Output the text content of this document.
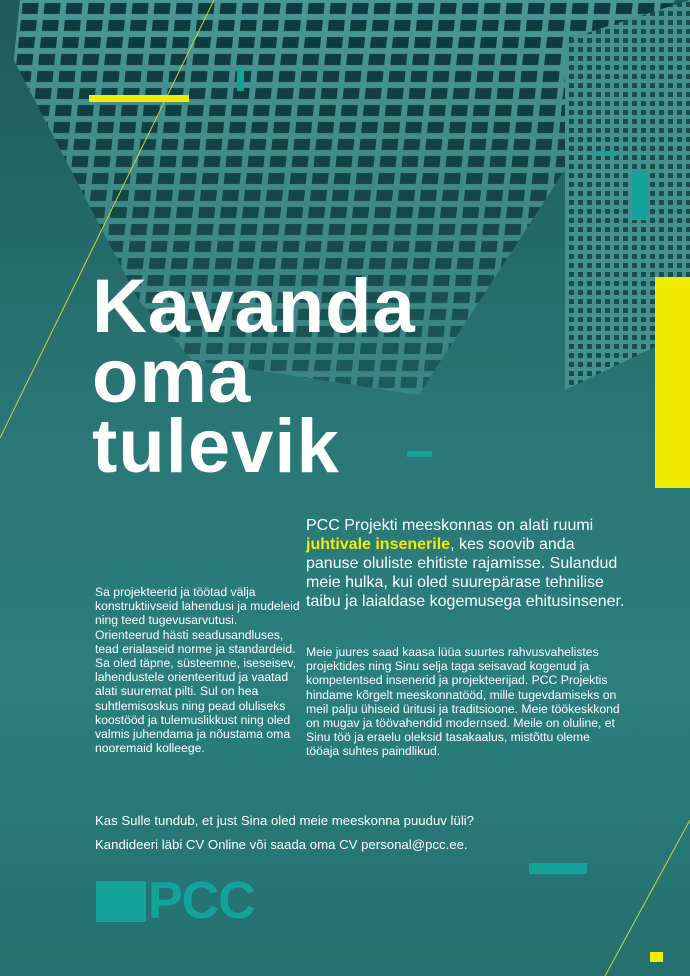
Kavanda
oma
tulevik

PCC Projekti meeskonnas on alati ruumi juhtivale insenerile, kes soovib anda panuse oluliste ehitiste rajamisse. Sulandud meie hulka, kui oled suurepärase tehnilise taibu ja laialdase kogemusega ehitusinsener.

Sa projekteerid ja töötad välja konstruktiivseid lahendusi ja mudeleid ning teed tugevusarvutusi. Orienteerud hästi seadusandluses, tead erialaseid norme ja standardeid. Sa oled täpne, süsteemne, iseseisev, lahendustele orienteeritud ja vaatad alati suuremat pilti. Sul on hea suhtlemisoskus ning pead oluliseks koostööd ja tulemuslikkust ning oled valmis juhendama ja nõustama oma nooremaid kolleege.

Meie juures saad kaasa lüüa suurtes rahvusvahelistes projektides ning Sinu selja taga seisavad kogenud ja kompetentsed insenerid ja projekteerijad. PCC Projektis hindame kõrgelt meeskonnatööd, mille tugevdamiseks on meil palju ühiseid üritusi ja traditsioone. Meie töökeskkond on mugav ja töövahendid modernsed. Meile on oluline, et Sinu töö ja eraelu oleksid tasakaalus, mistõttu oleme tööaja suhtes paindlikud.

Kas Sulle tundub, et just Sina oled meie meeskonna puuduv lüli?

Kandideeri läbi CV Online või saada oma CV personal@pcc.ee.

PCC
